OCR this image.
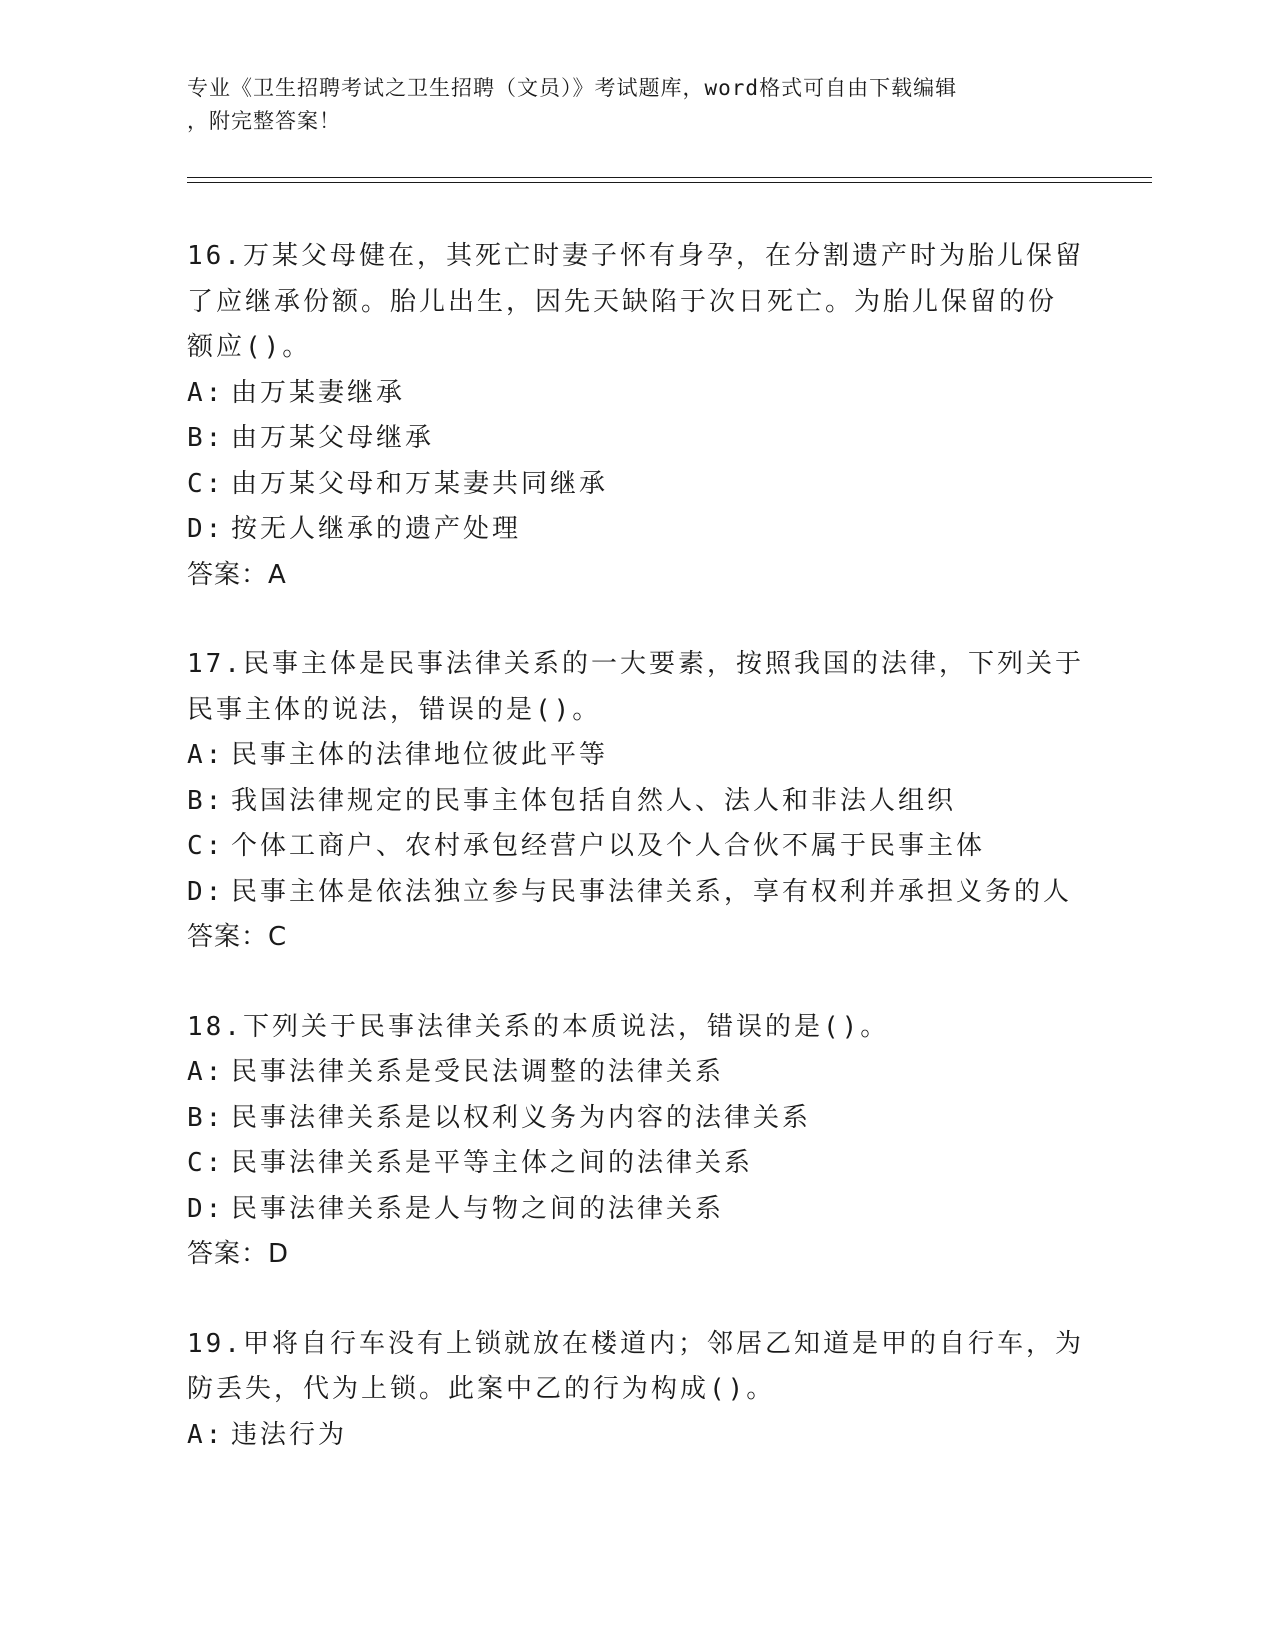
专业《卫生招聘考试之卫生招聘（文员）》考试题库，word格式可自由下载编辑
，附完整答案！

16.万某父母健在，其死亡时妻子怀有身孕，在分割遗产时为胎儿保留

了应继承份额。胎儿出生，因先天缺陷于次日死亡。为胎儿保留的份

额应()。

A: 由万某妻继承

B: 由万某父母继承

C: 由万某父母和万某妻共同继承

D: 按无人继承的遗产处理

答案：A

17.民事主体是民事法律关系的一大要素，按照我国的法律，下列关于

民事主体的说法，错误的是()。

A: 民事主体的法律地位彼此平等

B: 我国法律规定的民事主体包括自然人、法人和非法人组织

C: 个体工商户、农村承包经营户以及个人合伙不属于民事主体

D: 民事主体是依法独立参与民事法律关系，享有权利并承担义务的人

答案：C

18.下列关于民事法律关系的本质说法，错误的是()。

A: 民事法律关系是受民法调整的法律关系

B: 民事法律关系是以权利义务为内容的法律关系

C: 民事法律关系是平等主体之间的法律关系

D: 民事法律关系是人与物之间的法律关系

答案：D

19.甲将自行车没有上锁就放在楼道内；邻居乙知道是甲的自行车，为

防丢失，代为上锁。此案中乙的行为构成()。

A: 违法行为
